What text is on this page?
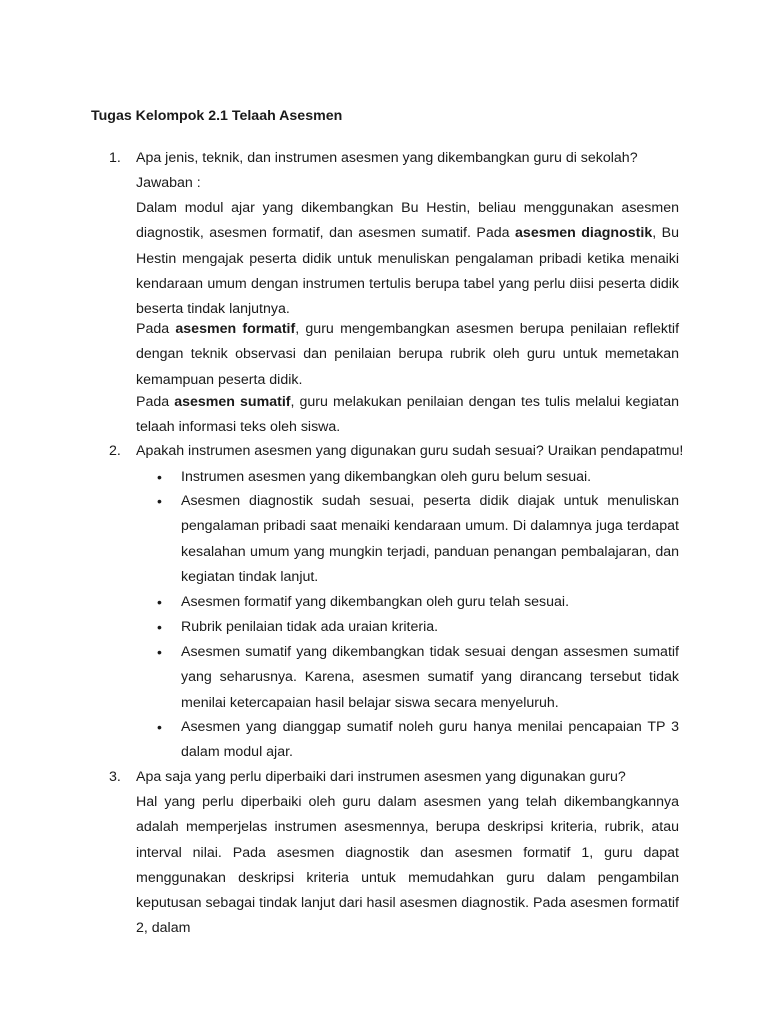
Tugas Kelompok 2.1 Telaah Asesmen
1.	Apa jenis, teknik, dan instrumen asesmen yang dikembangkan guru di sekolah?
Jawaban :

Dalam modul ajar yang dikembangkan Bu Hestin, beliau menggunakan asesmen diagnostik, asesmen formatif, dan asesmen sumatif. Pada asesmen diagnostik, Bu Hestin mengajak peserta didik untuk menuliskan pengalaman pribadi ketika menaiki kendaraan umum dengan instrumen tertulis berupa tabel yang perlu diisi peserta didik beserta tindak lanjutnya.

Pada asesmen formatif, guru mengembangkan asesmen berupa penilaian reflektif dengan teknik observasi dan penilaian berupa rubrik oleh guru untuk memetakan kemampuan peserta didik.

Pada asesmen sumatif, guru melakukan penilaian dengan tes tulis melalui kegiatan telaah informasi teks oleh siswa.

2.	Apakah instrumen asesmen yang digunakan guru sudah sesuai? Uraikan pendapatmu!
•	Instrumen asesmen yang dikembangkan oleh guru belum sesuai.

•	Asesmen diagnostik sudah sesuai, peserta didik diajak untuk menuliskan pengalaman pribadi saat menaiki kendaraan umum. Di dalamnya juga terdapat kesalahan umum yang mungkin terjadi, panduan penangan pembalajaran, dan kegiatan tindak lanjut.

•	Asesmen formatif yang dikembangkan oleh guru telah sesuai.

•	Rubrik penilaian tidak ada uraian kriteria.

•	Asesmen sumatif yang dikembangkan tidak sesuai dengan assesmen sumatif yang seharusnya. Karena, asesmen sumatif yang dirancang tersebut tidak menilai ketercapaian hasil belajar siswa secara menyeluruh.

•	Asesmen yang dianggap sumatif noleh guru hanya menilai pencapaian TP 3 dalam modul ajar.

3.	Apa saja yang perlu diperbaiki dari instrumen asesmen yang digunakan guru?

Hal yang perlu diperbaiki oleh guru dalam asesmen yang telah dikembangkannya adalah memperjelas instrumen asesmennya, berupa deskripsi kriteria, rubrik, atau interval nilai. Pada asesmen diagnostik dan asesmen formatif 1, guru dapat menggunakan deskripsi kriteria untuk memudahkan guru dalam pengambilan keputusan sebagai tindak lanjut dari hasil asesmen diagnostik. Pada asesmen formatif 2, dalam
